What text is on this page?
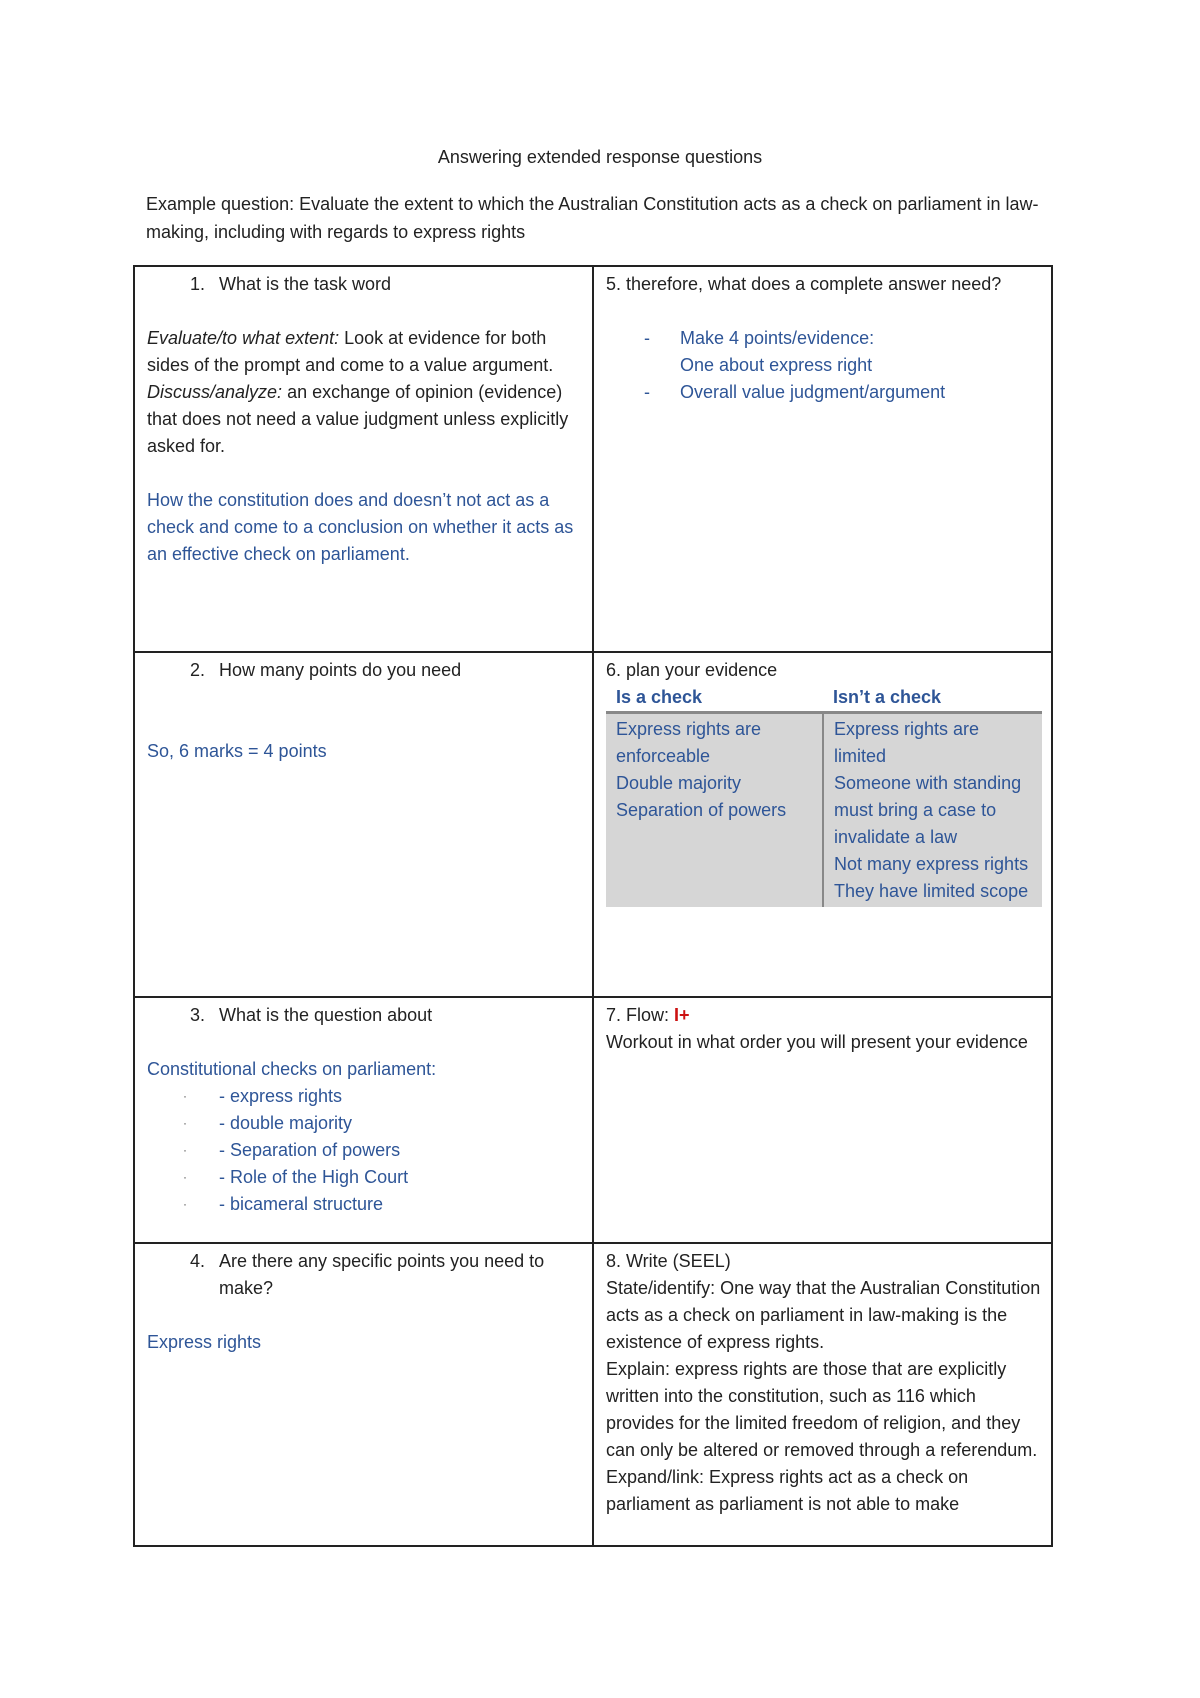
Answering extended response questions
Example question: Evaluate the extent to which the Australian Constitution acts as a check on parliament in law-making, including with regards to express rights
1. What is the task word
Evaluate/to what extent: Look at evidence for both sides of the prompt and come to a value argument.
Discuss/analyze: an exchange of opinion (evidence) that does not need a value judgment unless explicitly asked for.
How the constitution does and doesn’t not act as a check and come to a conclusion on whether it acts as an effective check on parliament.

5. therefore, what does a complete answer need?
- Make 4 points/evidence:
One about express right
- Overall value judgment/argument

2. How many points do you need
So, 6 marks = 4 points

6. plan your evidence
Is a check	Isn’t a check

Express rights are enforceable
Double majority
Separation of powers

Express rights are limited
Someone with standing must bring a case to invalidate a law
Not many express rights
They have limited scope

3. What is the question about
Constitutional checks on parliament:
· - express rights
· - double majority
· - Separation of powers
· - Role of the High Court
· - bicameral structure

7. Flow: I+
Workout in what order you will present your evidence

4. Are there any specific points you need to make?
Express rights

8. Write (SEEL)
State/identify: One way that the Australian Constitution acts as a check on parliament in law-making is the existence of express rights.
Explain: express rights are those that are explicitly written into the constitution, such as 116 which provides for the limited freedom of religion, and they can only be altered or removed through a referendum.
Expand/link: Express rights act as a check on parliament as parliament is not able to make
